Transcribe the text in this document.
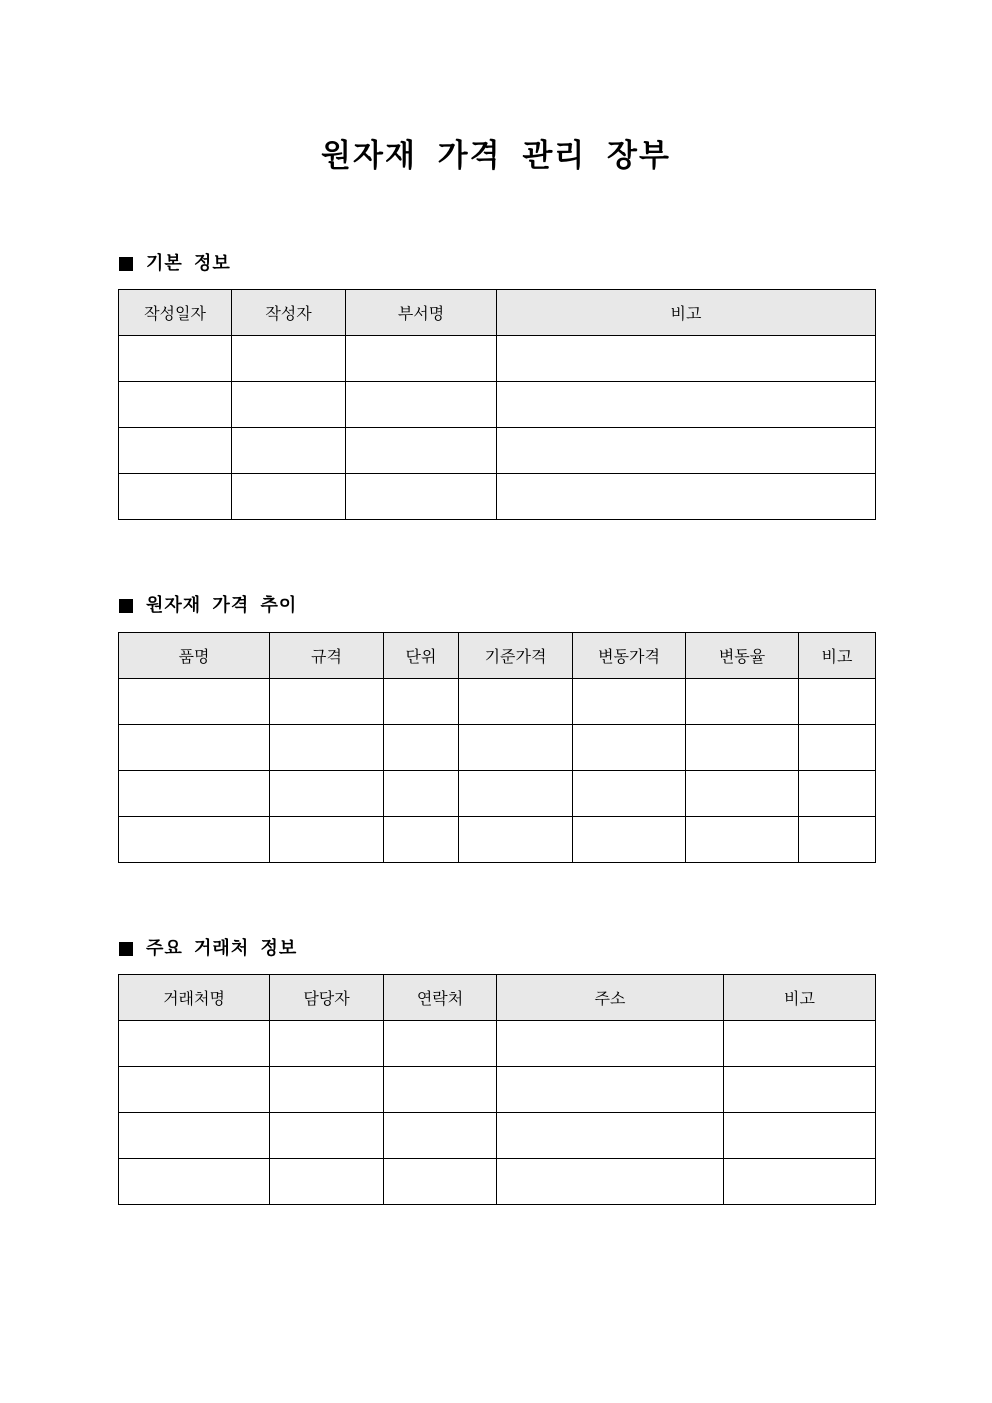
원자재 가격 관리 장부
기본 정보
작성일자	작성자	부서명	비고

원자재 가격 추이
품명	규격	단위	기준가격	변동가격	변동율	비고

주요 거래처 정보
거래처명	담당자	연락처	주소	비고
